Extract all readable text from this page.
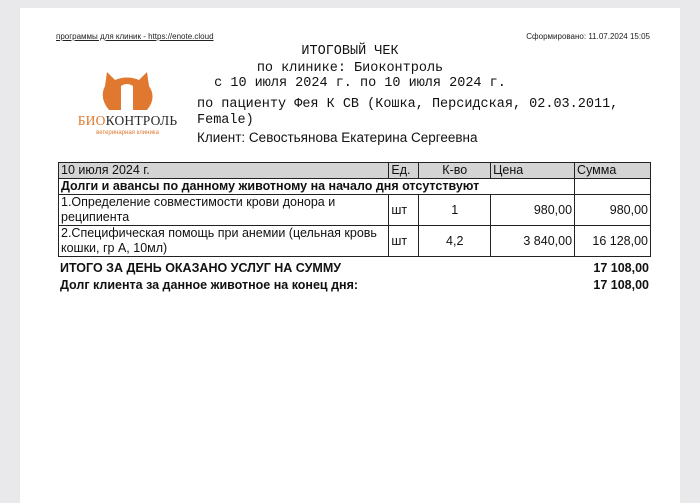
программы для клиник - https://enote.cloud	Сформировано: 11.07.2024 15:05
ИТОГОВЫЙ ЧЕК
по клинике: Биоконтроль
с 10 июля 2024 г. по 10 июля 2024 г.
БИОКОНТРОЛЬ
ветеринарная клиника
по пациенту Фея К СВ (Кошка, Персидская, 02.03.2011,
Female)
Клиент: Севостьянова Екатерина Сергеевна
10 июля 2024 г.	Ед.	К-во	Цена	Сумма
Долги и авансы по данному животному на начало дня отсутствуют				
1.Определение совместимости крови донора и реципиента	шт	1	980,00	980,00
2.Специфическая помощь при анемии (цельная кровь кошки, гр А, 10мл)	шт	4,2	3 840,00	16 128,00
ИТОГО ЗА ДЕНЬ ОКАЗАНО УСЛУГ НА СУММУ	17 108,00
Долг клиента за данное животное на конец дня:	17 108,00
